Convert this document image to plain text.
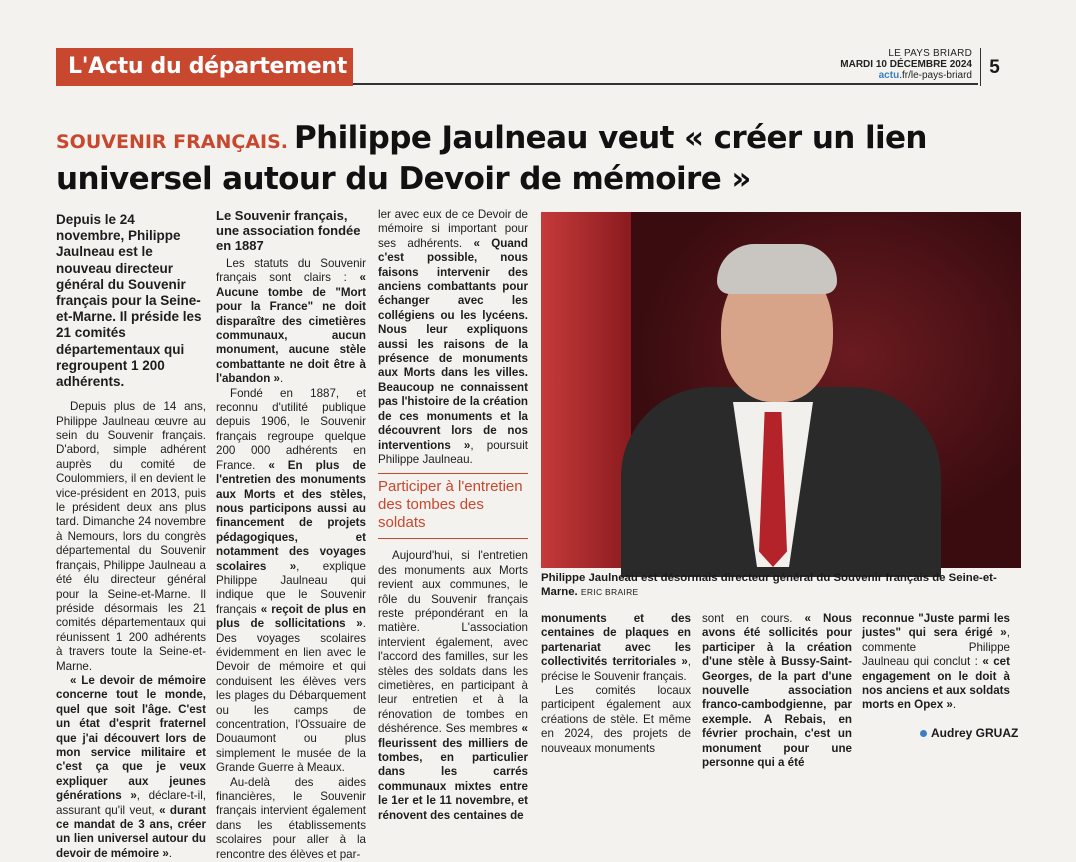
L'Actu du département
LE PAYS BRIARD
MARDI 10 DÉCEMBRE 2024
actu.fr/le-pays-briard 5
SOUVENIR FRANÇAIS. Philippe Jaulneau veut « créer un lien universel autour du Devoir de mémoire »

Depuis le 24 novembre, Philippe Jaulneau est le nouveau directeur général du Souvenir français pour la Seine-et-Marne. Il préside les 21 comités départementaux qui regroupent 1 200 adhérents.

Depuis plus de 14 ans, Philippe Jaulneau œuvre au sein du Souvenir français. D'abord, simple adhérent auprès du comité de Coulommiers, il en devient le vice-président en 2013, puis le président deux ans plus tard. Dimanche 24 novembre à Nemours, lors du congrès départemental du Souvenir français, Philippe Jaulneau a été élu directeur général pour la Seine-et-Marne. Il préside désormais les 21 comités départementaux qui réunissent 1 200 adhérents à travers toute la Seine-et-Marne.

« Le devoir de mémoire concerne tout le monde, quel que soit l'âge. C'est un état d'esprit fraternel que j'ai découvert lors de mon service militaire et c'est ça que je veux expliquer aux jeunes générations », déclare-t-il, assurant qu'il veut, « durant ce mandat de 3 ans, créer un lien universel autour du devoir de mémoire ».

Le Souvenir français, une association fondée en 1887

Les statuts du Souvenir français sont clairs : « Aucune tombe de "Mort pour la France" ne doit disparaître des cimetières communaux, aucun monument, aucune stèle combattante ne doit être à l'abandon ».

Fondé en 1887, et reconnu d'utilité publique depuis 1906, le Souvenir français regroupe quelque 200 000 adhérents en France. « En plus de l'entretien des monuments aux Morts et des stèles, nous participons aussi au financement de projets pédagogiques, et notamment des voyages scolaires », explique Philippe Jaulneau qui indique que le Souvenir français « reçoit de plus en plus de sollicitations ». Des voyages scolaires évidemment en lien avec le Devoir de mémoire et qui conduisent les élèves vers les plages du Débarquement ou les camps de concentration, l'Ossuaire de Douaumont ou plus simplement le musée de la Grande Guerre à Meaux.

Au-delà des aides financières, le Souvenir français intervient également dans les établissements scolaires pour aller à la rencontre des élèves et par-

ler avec eux de ce Devoir de mémoire si important pour ses adhérents. « Quand c'est possible, nous faisons intervenir des anciens combattants pour échanger avec les collégiens ou les lycéens. Nous leur expliquons aussi les raisons de la présence de monuments aux Morts dans les villes. Beaucoup ne connaissent pas l'histoire de la création de ces monuments et la découvrent lors de nos interventions », poursuit Philippe Jaulneau.

Participer à l'entretien des tombes des soldats

Aujourd'hui, si l'entretien des monuments aux Morts revient aux communes, le rôle du Souvenir français reste prépondérant en la matière. L'association intervient également, avec l'accord des familles, sur les stèles des soldats dans les cimetières, en participant à leur entretien et à la rénovation de tombes en déshérence. Ses membres « fleurissent des milliers de tombes, en particulier dans les carrés communaux mixtes entre le 1er et le 11 novembre, et rénovent des centaines de

Philippe Jaulneau est désormais directeur général du Souvenir français de Seine-et-Marne. ERIC BRAIRE

monuments et des centaines de plaques en partenariat avec les collectivités territoriales », précise le Souvenir français.

Les comités locaux participent également aux créations de stèle. Et même en 2024, des projets de nouveaux monuments

sont en cours. « Nous avons été sollicités pour participer à la création d'une stèle à Bussy-Saint-Georges, de la part d'une nouvelle association franco-cambodgienne, par exemple. A Rebais, en février prochain, c'est un monument pour une personne qui a été

reconnue "Juste parmi les justes" qui sera érigé », commente Philippe Jaulneau qui conclut : « cet engagement on le doit à nos anciens et aux soldats morts en Opex ».

Audrey GRUAZ
